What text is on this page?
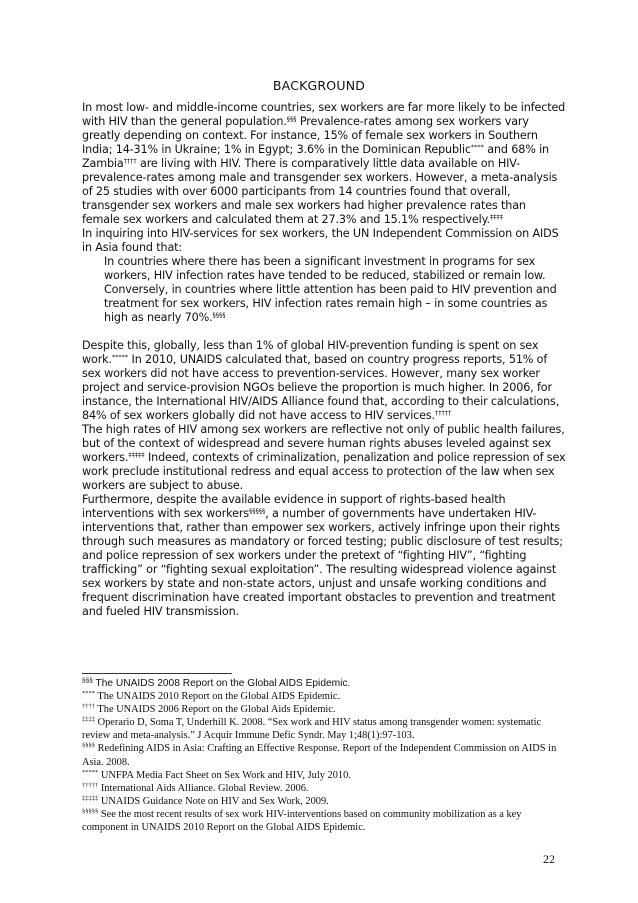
BACKGROUND

In most low- and middle-income countries, sex workers are far more likely to be infected with HIV than the general population.§§§ Prevalence-rates among sex workers vary greatly depending on context. For instance, 15% of female sex workers in Southern India; 14-31% in Ukraine; 1% in Egypt; 3.6% in the Dominican Republic**** and 68% in Zambia†††† are living with HIV. There is comparatively little data available on HIV-prevalence-rates among male and transgender sex workers. However, a meta-analysis of 25 studies with over 6000 participants from 14 countries found that overall, transgender sex workers and male sex workers had higher prevalence rates than female sex workers and calculated them at 27.3% and 15.1% respectively.‡‡‡‡

In inquiring into HIV-services for sex workers, the UN Independent Commission on AIDS in Asia found that:

In countries where there has been a significant investment in programs for sex workers, HIV infection rates have tended to be reduced, stabilized or remain low. Conversely, in countries where little attention has been paid to HIV prevention and treatment for sex workers, HIV infection rates remain high – in some countries as high as nearly 70%.§§§§

Despite this, globally, less than 1% of global HIV-prevention funding is spent on sex work.***** In 2010, UNAIDS calculated that, based on country progress reports, 51% of sex workers did not have access to prevention-services. However, many sex worker project and service-provision NGOs believe the proportion is much higher. In 2006, for instance, the International HIV/AIDS Alliance found that, according to their calculations, 84% of sex workers globally did not have access to HIV services.†††††

The high rates of HIV among sex workers are reflective not only of public health failures, but of the context of widespread and severe human rights abuses leveled against sex workers.‡‡‡‡‡ Indeed, contexts of criminalization, penalization and police repression of sex work preclude institutional redress and equal access to protection of the law when sex workers are subject to abuse.

Furthermore, despite the available evidence in support of rights-based health interventions with sex workers§§§§§, a number of governments have undertaken HIV-interventions that, rather than empower sex workers, actively infringe upon their rights through such measures as mandatory or forced testing; public disclosure of test results; and police repression of sex workers under the pretext of “fighting HIV”, “fighting trafficking” or “fighting sexual exploitation”. The resulting widespread violence against sex workers by state and non-state actors, unjust and unsafe working conditions and frequent discrimination have created important obstacles to prevention and treatment and fueled HIV transmission.

§§§ The UNAIDS 2008 Report on the Global AIDS Epidemic.

**** The UNAIDS 2010 Report on the Global AIDS Epidemic.

†††† The UNAIDS 2006 Report on the Global Aids Epidemic.

‡‡‡‡ Operario D, Soma T, Underhill K. 2008. “Sex work and HIV status among transgender women: systematic review and meta-analysis.” J Acquir Immune Defic Syndr. May 1;48(1):97-103.

§§§§ Redefining AIDS in Asia: Crafting an Effective Response. Report of the Independent Commission on AIDS in Asia. 2008.

***** UNFPA Media Fact Sheet on Sex Work and HIV, July 2010.

††††† International Aids Alliance. Global Review. 2006.

‡‡‡‡‡ UNAIDS Guidance Note on HIV and Sex Work, 2009.

§§§§§ See the most recent results of sex work HIV-interventions based on community mobilization as a key component in UNAIDS 2010 Report on the Global AIDS Epidemic.

22
